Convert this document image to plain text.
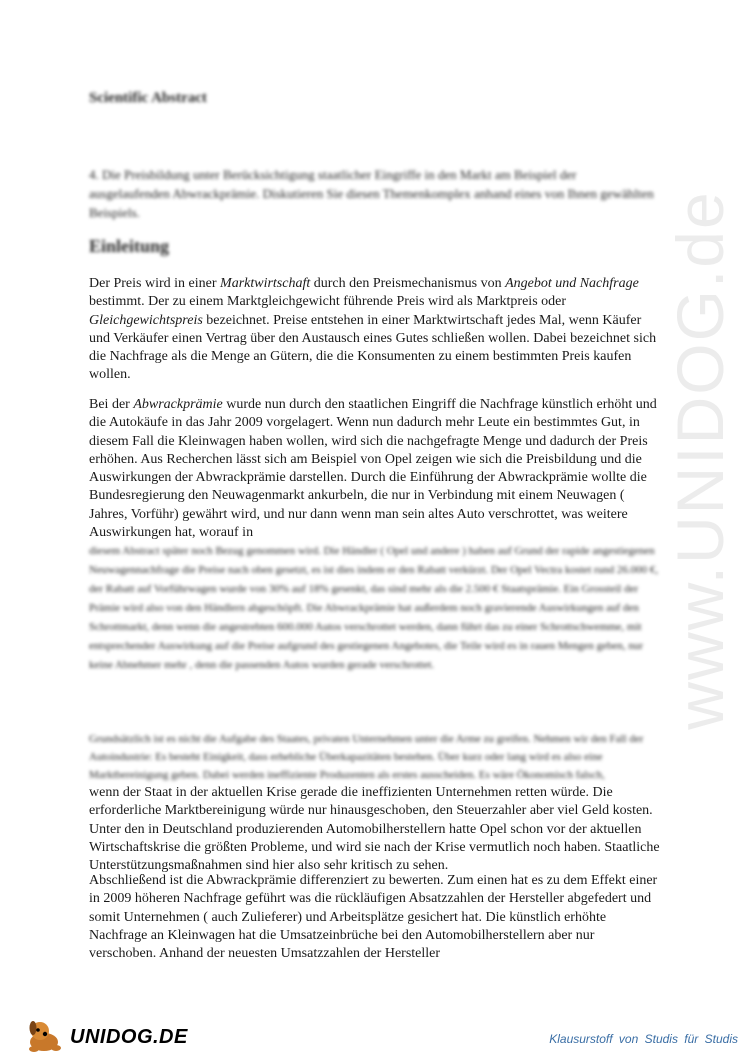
www.UNIDOG.de
Scientific Abstract
4. Die Preisbildung unter Berücksichtigung staatlicher Eingriffe in den Markt am Beispiel der ausgelaufenden Abwrackprämie. Diskutieren Sie diesen Themenkomplex anhand eines von Ihnen gewählten Beispiels.
Einleitung

Der Preis wird in einer Marktwirtschaft durch den Preismechanismus von Angebot und Nachfrage bestimmt. Der zu einem Marktgleichgewicht führende Preis wird als Marktpreis oder Gleichgewichtspreis bezeichnet. Preise entstehen in einer Marktwirtschaft jedes Mal, wenn Käufer und Verkäufer einen Vertrag über den Austausch eines Gutes schließen wollen. Dabei bezeichnet sich die Nachfrage als die Menge an Gütern, die die Konsumenten zu einem bestimmten Preis kaufen wollen.

Bei der Abwrackprämie wurde nun durch den staatlichen Eingriff die Nachfrage künstlich erhöht und die Autokäufe in das Jahr 2009 vorgelagert. Wenn nun dadurch mehr Leute ein bestimmtes Gut, in diesem Fall die Kleinwagen haben wollen, wird sich die nachgefragte Menge und dadurch der Preis erhöhen. Aus Recherchen lässt sich am Beispiel von Opel zeigen wie sich die Preisbildung und die Auswirkungen der Abwrackprämie darstellen. Durch die Einführung der Abwrackprämie wollte die Bundesregierung den Neuwagenmarkt ankurbeln, die nur in Verbindung mit einem Neuwagen ( Jahres, Vorführ) gewährt wird, und nur dann wenn man sein altes Auto verschrottet, was weitere Auswirkungen hat, worauf in

diesem Abstract später noch Bezug genommen wird. Die Händler ( Opel und andere ) haben auf Grund der rapide angestiegenen Neuwagennachfrage die Preise nach oben gesetzt, es ist dies indem er den Rabatt verkürzt. Der Opel Vectra kostet rund 26.000 €, der Rabatt auf Vorführwagen wurde von 30% auf 18% gesenkt, das sind mehr als die 2.500 € Staatsprämie. Ein Grossteil der Prämie wird also von den Händlern abgeschöpft. Die Abwrackprämie hat außerdem noch gravierende Auswirkungen auf den Schrottmarkt, denn wenn die angestrebten 600.000 Autos verschrottet werden, dann führt das zu einer Schrottschwemme, mit entsprechender Auswirkung auf die Preise aufgrund des gestiegenen Angebotes, die Teile wird es in rauen Mengen geben, nur keine Abnehmer mehr , denn die passenden Autos wurden gerade verschrottet.

Grundsätzlich ist es nicht die Aufgabe des Staates, privaten Unternehmen unter die Arme zu greifen. Nehmen wir den Fall der Autoindustrie: Es besteht Einigkeit, dass erhebliche Überkapazitäten bestehen. Über kurz oder lang wird es also eine Marktbereinigung geben. Dabei werden ineffiziente Produzenten als erstes ausscheiden. Es wäre Ökonomisch falsch,

wenn der Staat in der aktuellen Krise gerade die ineffizienten Unternehmen retten würde. Die erforderliche Marktbereinigung würde nur hinausgeschoben, den Steuerzahler aber viel Geld kosten. Unter den in Deutschland produzierenden Automobilherstellern hatte Opel schon vor der aktuellen Wirtschaftskrise die größten Probleme, und wird sie nach der Krise vermutlich noch haben. Staatliche Unterstützungsmaßnahmen sind hier also sehr kritisch zu sehen.

Abschließend ist die Abwrackprämie differenziert zu bewerten. Zum einen hat es zu dem Effekt einer in 2009 höheren Nachfrage geführt was die rückläufigen Absatzzahlen der Hersteller abgefedert und somit Unternehmen ( auch Zulieferer) und Arbeitsplätze gesichert hat. Die künstlich erhöhte Nachfrage an Kleinwagen hat die Umsatzeinbrüche bei den Automobilherstellern aber nur verschoben. Anhand der neuesten Umsatzzahlen der Hersteller

UNIDOG.DE	Klausurstoff von Studis für Studis
